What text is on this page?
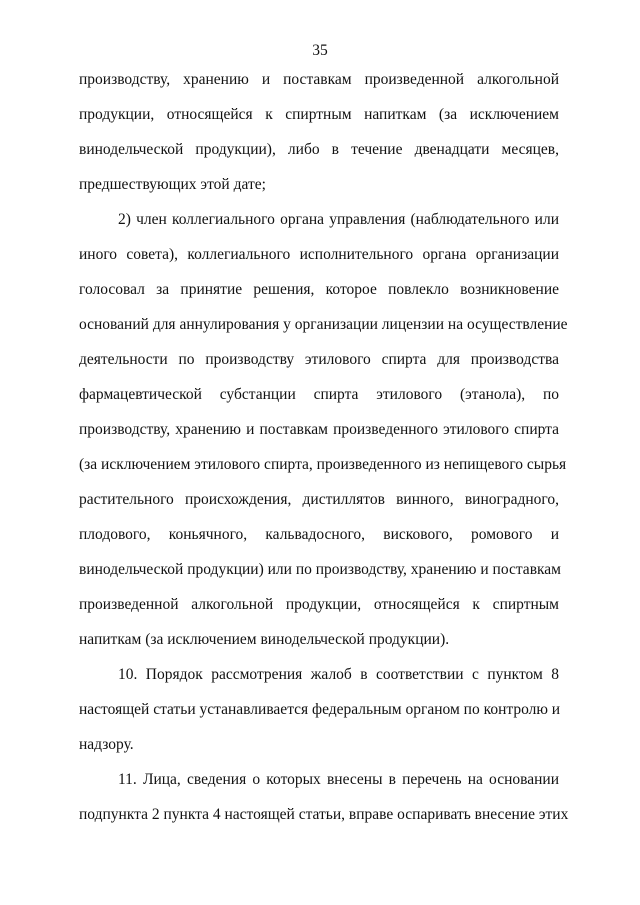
35
производству, хранению и поставкам произведенной алкогольной
продукции, относящейся к спиртным напиткам (за исключением
винодельческой продукции), либо в течение двенадцати месяцев,
предшествующих этой дате;
2) член коллегиального органа управления (наблюдательного или
иного совета), коллегиального исполнительного органа организации
голосовал за принятие решения, которое повлекло возникновение
оснований для аннулирования у организации лицензии на осуществление
деятельности по производству этилового спирта для производства
фармацевтической субстанции спирта этилового (этанола), по
производству, хранению и поставкам произведенного этилового спирта
(за исключением этилового спирта, произведенного из непищевого сырья
растительного происхождения, дистиллятов винного, виноградного,
плодового, коньячного, кальвадосного, вискового, ромового и
винодельческой продукции) или по производству, хранению и поставкам
произведенной алкогольной продукции, относящейся к спиртным
напиткам (за исключением винодельческой продукции).
10. Порядок рассмотрения жалоб в соответствии с пунктом 8
настоящей статьи устанавливается федеральным органом по контролю и
надзору.
11. Лица, сведения о которых внесены в перечень на основании
подпункта 2 пункта 4 настоящей статьи, вправе оспаривать внесение этих
